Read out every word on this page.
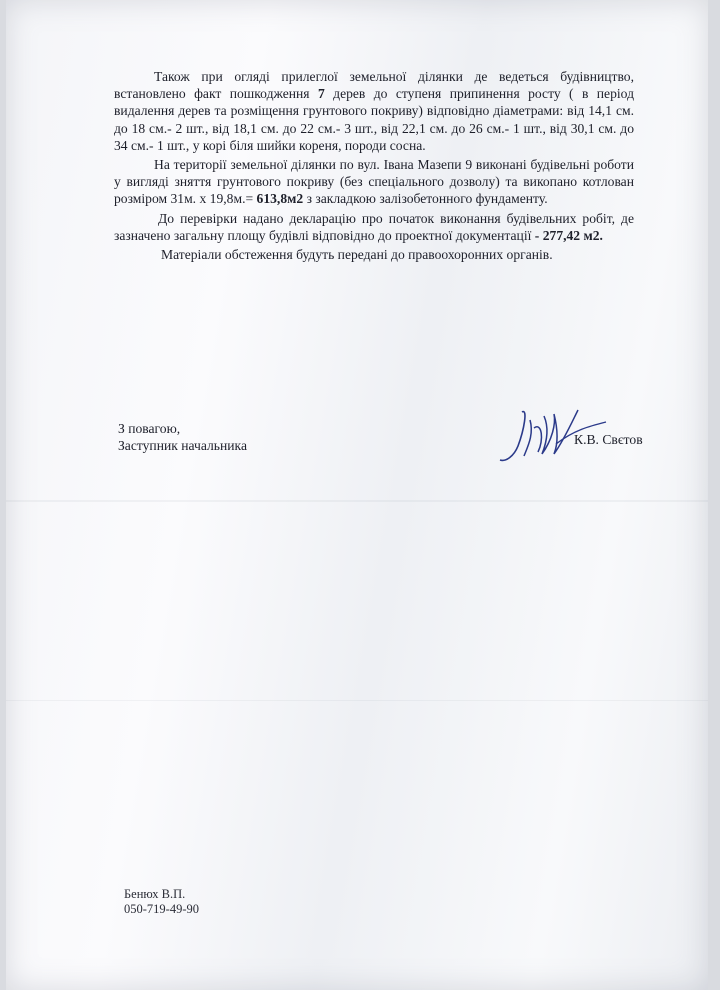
Також при огляді прилеглої земельної ділянки де ведеться будівництво, встановлено факт пошкодження 7 дерев до ступеня припинення росту ( в період видалення дерев та розміщення грунтового покриву) відповідно діаметрами: від 14,1 см. до 18 см.- 2 шт., від 18,1 см. до 22 см.- 3 шт., від 22,1 см. до 26 см.- 1 шт., від 30,1 см. до 34 см.- 1 шт., у корі біля шийки кореня, породи сосна.

На території земельної ділянки по вул. Івана Мазепи 9 виконані будівельні роботи у вигляді зняття грунтового покриву (без спеціального дозволу) та викопано котлован розміром 31м. х 19,8м.= 613,8м2 з закладкою залізобетонного фундаменту.

До перевірки надано декларацію про початок виконання будівельних робіт, де зазначено загальну площу будівлі відповідно до проектної документації - 277,42 м2.

Матеріали обстеження будуть передані до правоохоронних органів.

З повагою,
Заступник начальника	К.В. Свєтов
Бенюх В.П.
050-719-49-90
